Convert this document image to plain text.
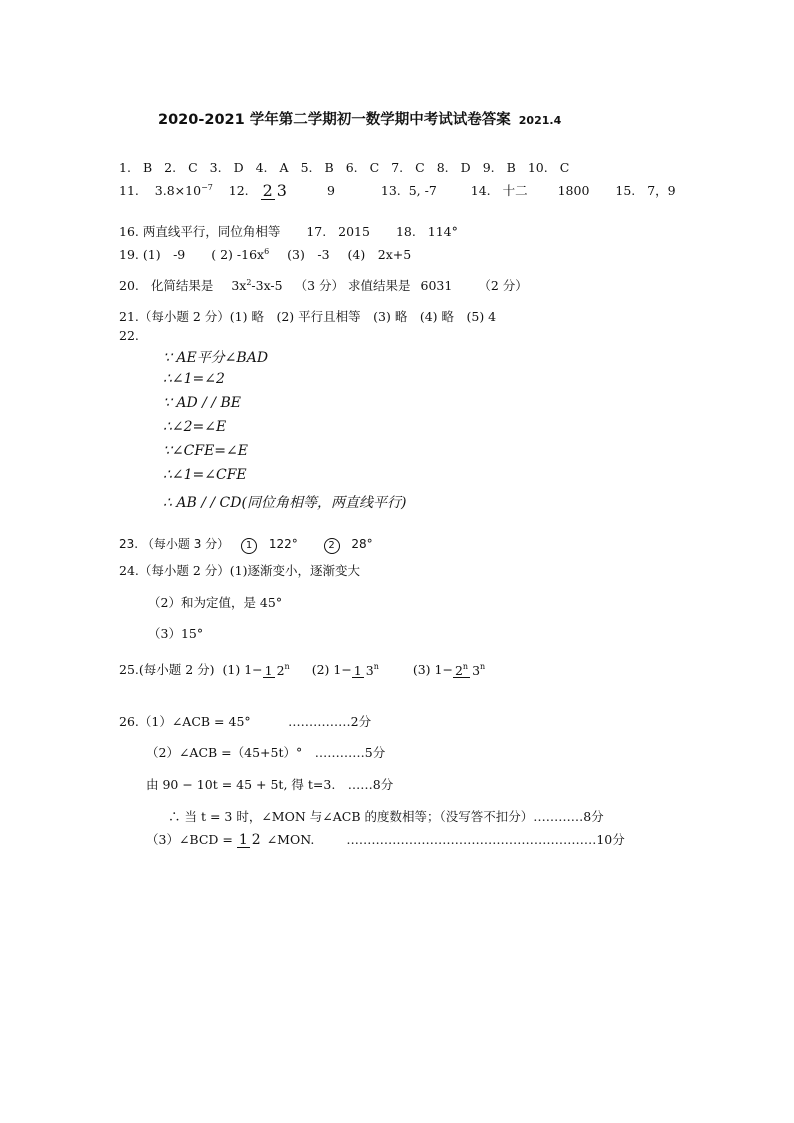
2020-2021 学年第二学期初一数学期中考试试卷答案 2021.4
1. B 2. C 3. D 4. A 5. B 6. C 7. C 8. D 9. B 10. C
11. $3.8\times 10^{-7}$ 12. 2 3	9	13. 5, -7	14. 十二 1800 15. 7，9
16. 两直线平行，同位角相等 17. 2015 18. 114°
19. (1)　-9 ( 2) $-16x^6$ (3)　-3 (4)　2x+5
20. 化简结果是 $3x^2-3x-5$ （3 分） 求值结果是 6031 （2 分）
21.（每小题 2 分）(1) 略　(2) 平行且相等　(3) 略　(4) 略　(5) 4
22.
∵ AE平分∠BAD
∴∠1=∠2
∵ AD / / BE
∴∠2=∠E
∵∠CFE=∠E
∴∠1=∠CFE
∴ AB / / CD(同位角相等，两直线平行)
23. （每小题 3 分） 1 122°	2 28°
24.（每小题 2 分）(1)逐渐变小，逐渐变大
（2）和为定值，是 45°
（3）15°
25.(每小题 2 分) (1) 1− 1 2$^n$ (2) 1− 1 3$^n$	(3) $1- 2^n$ 3$^n$
26.（1）∠ACB = 45°　　　……………2分
（2）∠ACB =（45+5t）°　…………5分
由 90 − 10t = 45 + 5t, 得 t=3.　……8分
∴ 当 t = 3 时，∠MON 与∠ACB 的度数相等；（没写答不扣分）…………8分
（3）∠BCD = 1 2 ∠MON.	……………………………………………………10分
